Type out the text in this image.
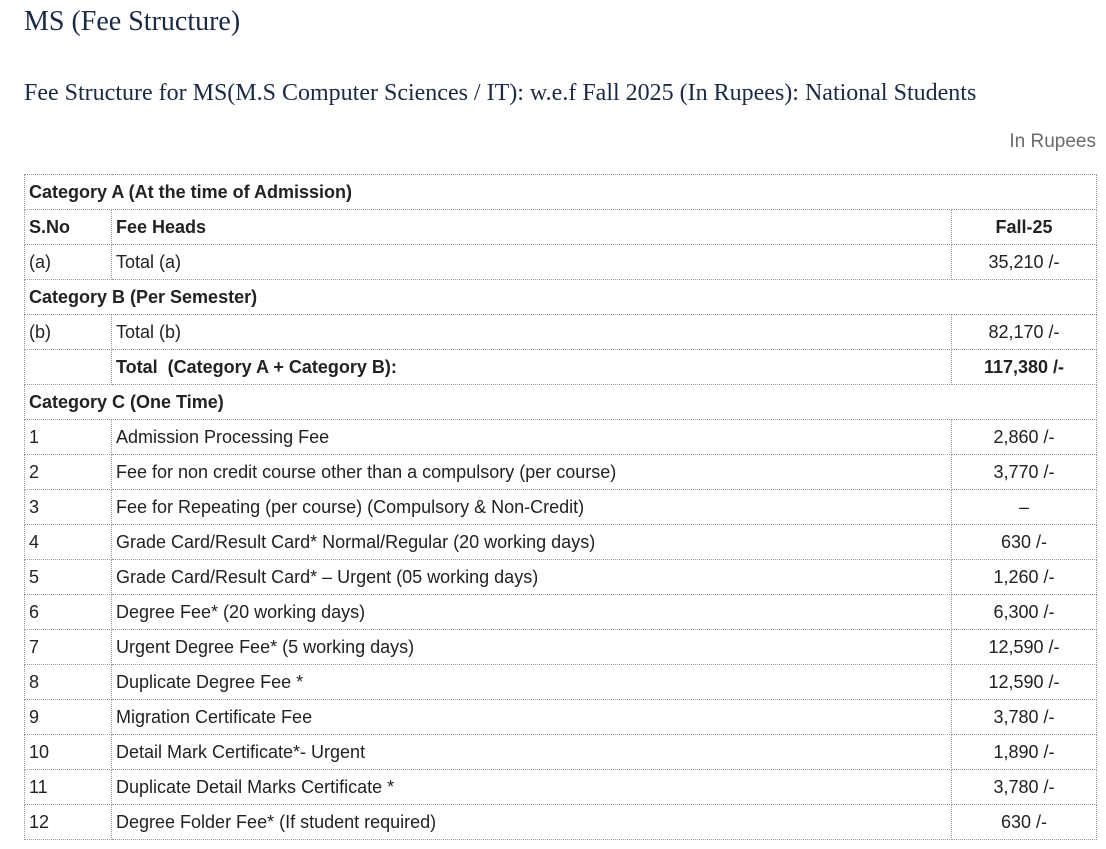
MS (Fee Structure)
Fee Structure for MS(M.S Computer Sciences / IT): w.e.f Fall 2025 (In Rupees): National Students
In Rupees
Category A (At the time of Admission)		
S.No	Fee Heads	Fall-25
(a)	Total (a)	35,210 /-
Category B (Per Semester)		
(b)	Total (b)	82,170 /-
	Total  (Category A + Category B):	117,380 /-
Category C (One Time)		
1	Admission Processing Fee	2,860 /-
2	Fee for non credit course other than a compulsory (per course)	3,770 /-
3	Fee for Repeating (per course) (Compulsory & Non-Credit)	–
4	Grade Card/Result Card* Normal/Regular (20 working days)	630 /-
5	Grade Card/Result Card* – Urgent (05 working days)	1,260 /-
6	Degree Fee* (20 working days)	6,300 /-
7	Urgent Degree Fee* (5 working days)	12,590 /-
8	Duplicate Degree Fee *	12,590 /-
9	Migration Certificate Fee	3,780 /-
10	Detail Mark Certificate*- Urgent	1,890 /-
11	Duplicate Detail Marks Certificate *	3,780 /-
12	Degree Folder Fee* (If student required)	630 /-
